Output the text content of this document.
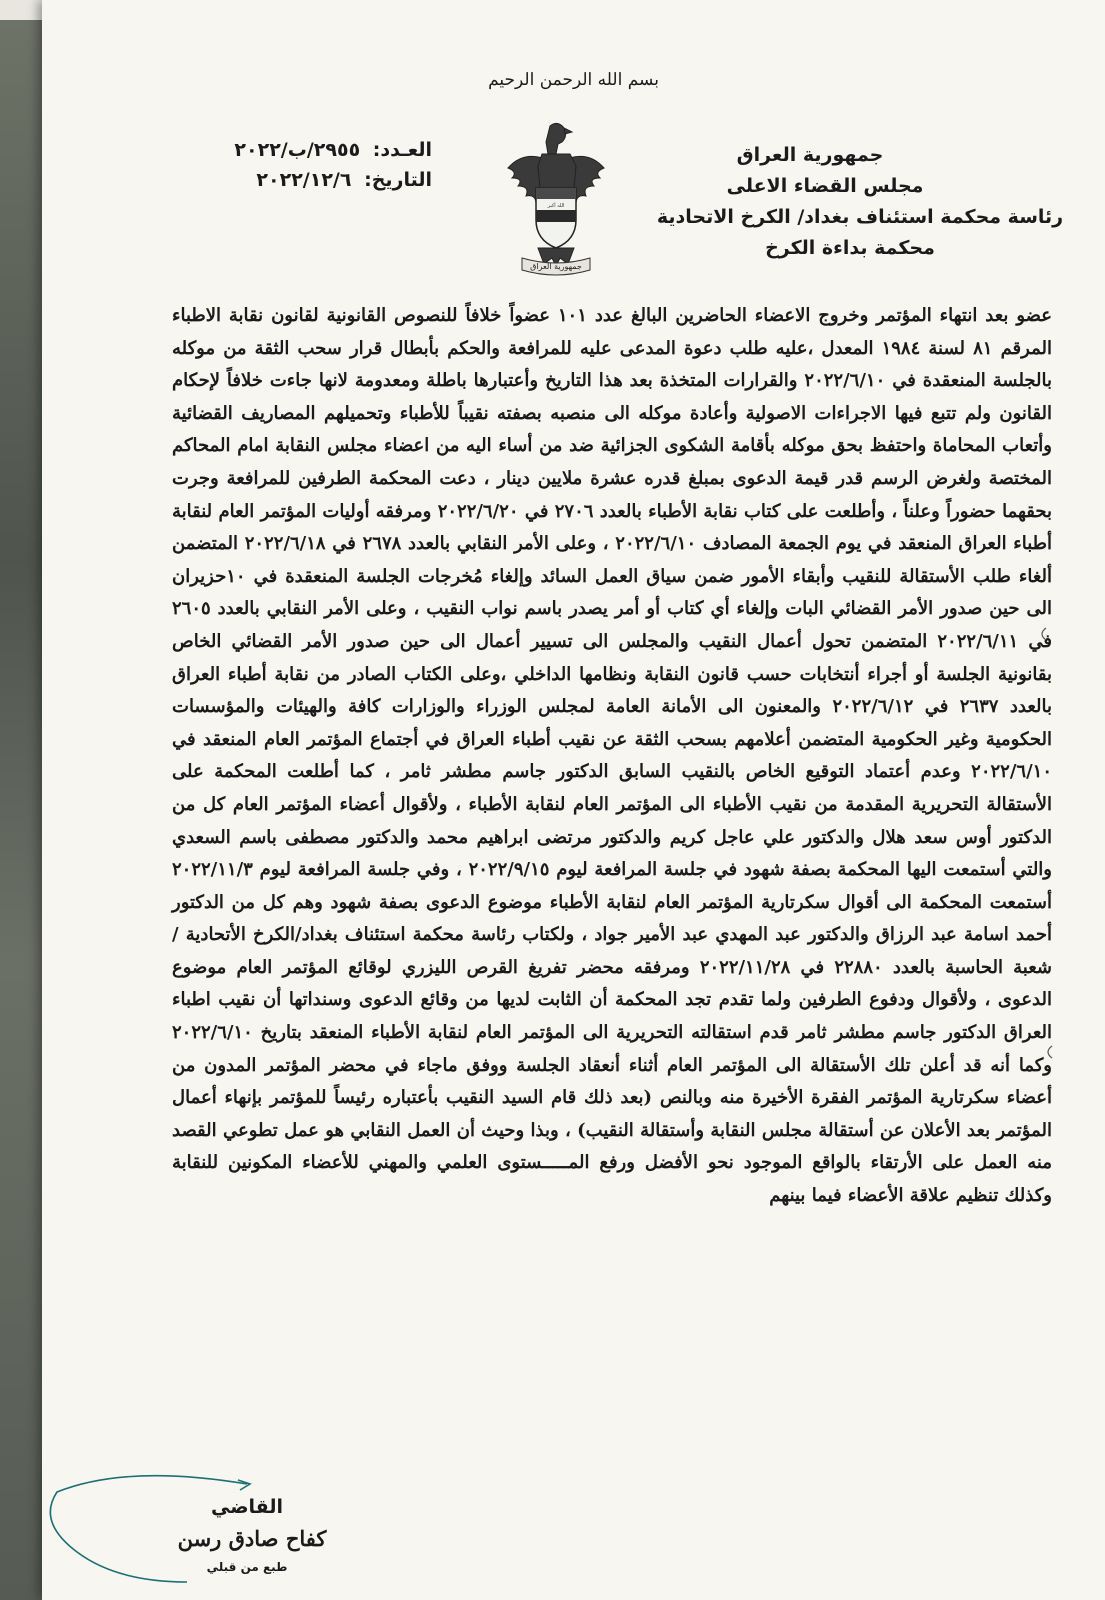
بسم الله الرحمن الرحيم
جمهورية العراق
مجلس القضاء الاعلى
رئاسة محكمة استئناف بغداد/ الكرخ الاتحادية
محكمة بداءة الكرخ
الله أكبر
جمهورية العراق
العـدد: ٢٩٥٥/ب/٢٠٢٢
التاريخ: ٢٠٢٢/١٢/٦
عضو بعد انتهاء المؤتمر وخروج الاعضاء الحاضرين البالغ عدد ١٠١ عضواً خلافاً للنصوص القانونية لقانون نقابة الاطباء المرقم ٨١ لسنة ١٩٨٤ المعدل ،عليه طلب دعوة المدعى عليه للمرافعة والحكم بأبطال قرار سحب الثقة من موكله بالجلسة المنعقدة في ٢٠٢٢/٦/١٠ والقرارات المتخذة بعد هذا التاريخ وأعتبارها باطلة ومعدومة لانها جاءت خلافاً لإحكام القانون ولم تتبع فيها الاجراءات الاصولية وأعادة موكله الى منصبه بصفته نقيباً للأطباء وتحميلهم المصاريف القضائية وأتعاب المحاماة واحتفظ بحق موكله بأقامة الشكوى الجزائية ضد من أساء اليه من اعضاء مجلس النقابة امام المحاكم المختصة ولغرض الرسم قدر قيمة الدعوى بمبلغ قدره عشرة ملايين دينار ، دعت المحكمة الطرفين للمرافعة وجرت بحقهما حضوراً وعلناً ، وأطلعت على كتاب نقابة الأطباء بالعدد ٢٧٠٦ في ٢٠٢٢/٦/٢٠ ومرفقه أوليات المؤتمر العام لنقابة أطباء العراق المنعقد في يوم الجمعة المصادف ٢٠٢٢/٦/١٠ ، وعلى الأمر النقابي بالعدد ٢٦٧٨ في ٢٠٢٢/٦/١٨ المتضمن ألغاء طلب الأستقالة للنقيب وأبقاء الأمور ضمن سياق العمل السائد وإلغاء مُخرجات الجلسة المنعقدة في ١٠حزيران الى حين صدور الأمر القضائي البات وإلغاء أي كتاب أو أمر يصدر باسم نواب النقيب ، وعلى الأمر النقابي بالعدد ٢٦٠٥ في ٢٠٢٢/٦/١١ المتضمن تحول أعمال النقيب والمجلس الى تسيير أعمال الى حين صدور الأمر القضائي الخاص بقانونية الجلسة أو أجراء أنتخابات حسب قانون النقابة ونظامها الداخلي ،وعلى الكتاب الصادر من نقابة أطباء العراق بالعدد ٢٦٣٧ في ٢٠٢٢/٦/١٢ والمعنون الى الأمانة العامة لمجلس الوزراء والوزارات كافة والهيئات والمؤسسات الحكومية وغير الحكومية المتضمن أعلامهم بسحب الثقة عن نقيب أطباء العراق في أجتماع المؤتمر العام المنعقد في ٢٠٢٢/٦/١٠ وعدم أعتماد التوقيع الخاص بالنقيب السابق الدكتور جاسم مطشر ثامر ، كما أطلعت المحكمة على الأستقالة التحريرية المقدمة من نقيب الأطباء الى المؤتمر العام لنقابة الأطباء ، ولأقوال أعضاء المؤتمر العام كل من الدكتور أوس سعد هلال والدكتور علي عاجل كريم والدكتور مرتضى ابراهيم محمد والدكتور مصطفى باسم السعدي والتي أستمعت اليها المحكمة بصفة شهود في جلسة المرافعة ليوم ٢٠٢٢/٩/١٥ ، وفي جلسة المرافعة ليوم ٢٠٢٢/١١/٣ أستمعت المحكمة الى أقوال سكرتارية المؤتمر العام لنقابة الأطباء موضوع الدعوى بصفة شهود وهم كل من الدكتور أحمد اسامة عبد الرزاق والدكتور عبد المهدي عبد الأمير جواد ، ولكتاب رئاسة محكمة استئناف بغداد/الكرخ الأتحادية / شعبة الحاسبة بالعدد ٢٢٨٨٠ في ٢٠٢٢/١١/٢٨ ومرفقه محضر تفريغ القرص الليزري لوقائع المؤتمر العام موضوع الدعوى ، ولأقوال ودفوع الطرفين ولما تقدم تجد المحكمة أن الثابت لديها من وقائع الدعوى وسنداتها أن نقيب اطباء العراق الدكتور جاسم مطشر ثامر قدم استقالته التحريرية الى المؤتمر العام لنقابة الأطباء المنعقد بتاريخ ٢٠٢٢/٦/١٠ وكما أنه قد أعلن تلك الأستقالة الى المؤتمر العام أثناء أنعقاد الجلسة ووفق ماجاء في محضر المؤتمر المدون من أعضاء سكرتارية المؤتمر الفقرة الأخيرة منه وبالنص (بعد ذلك قام السيد النقيب بأعتباره رئيساً للمؤتمر بإنهاء أعمال المؤتمر بعد الأعلان عن أستقالة مجلس النقابة وأستقالة النقيب) ، وبذا وحيث أن العمل النقابي هو عمل تطوعي القصد منه العمل على الأرتقاء بالواقع الموجود نحو الأفضل ورفع المـــــستوى العلمي والمهني للأعضاء المكونين للنقابة وكذلك تنظيم علاقة الأعضاء فيما بينهم
القاضي
كفاح صادق رسن
طبع من قبلي
